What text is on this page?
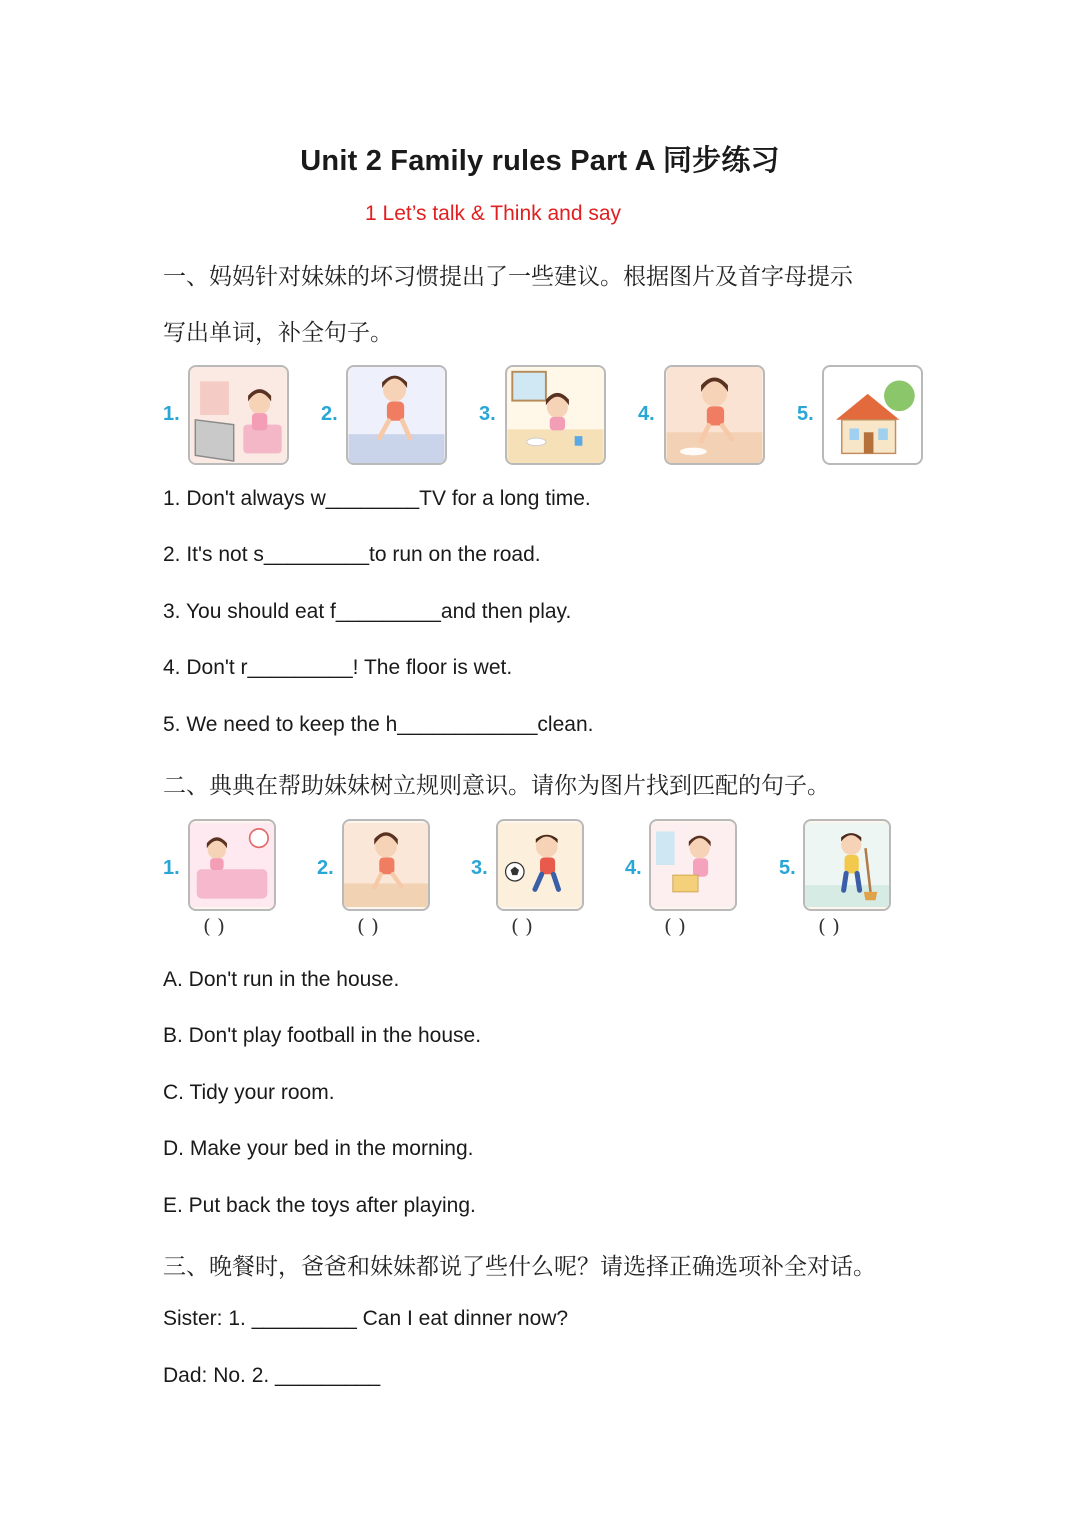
Unit 2 Family rules Part A 同步练习
1 Let’s talk & Think and say
一、妈妈针对妹妹的坏习惯提出了一些建议。根据图片及首字母提示
写出单词，补全句子。
1.	2.	3.	4.	5.
1. Don't always w________TV for a long time.
2. It's not s_________to run on the road.
3. You should eat f_________and then play.
4. Don't r_________! The floor is wet.
5. We need to keep the h____________clean.
二、典典在帮助妹妹树立规则意识。请你为图片找到匹配的句子。
1.
( )
2.
( )
3.
( )
4.
( )
5.
( )
A. Don't run in the house.
B. Don't play football in the house.
C. Tidy your room.
D. Make your bed in the morning.
E. Put back the toys after playing.
三、晚餐时，爸爸和妹妹都说了些什么呢？请选择正确选项补全对话。
Sister: 1. _________ Can I eat dinner now?
Dad: No. 2. _________
